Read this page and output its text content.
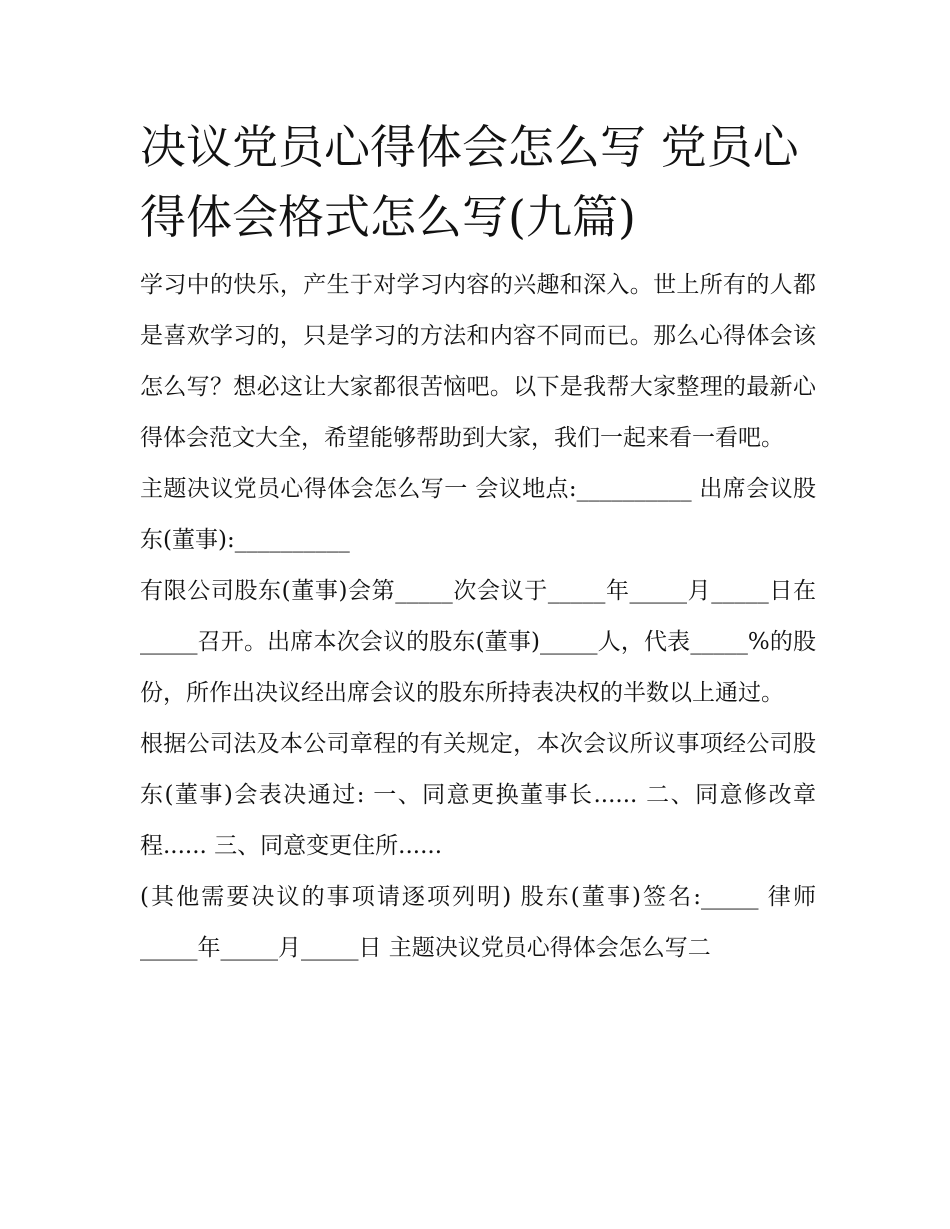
决议党员心得体会怎么写 党员心得体会格式怎么写(九篇)

学习中的快乐，产生于对学习内容的兴趣和深入。世上所有的人都是喜欢学习的，只是学习的方法和内容不同而已。那么心得体会该怎么写？想必这让大家都很苦恼吧。以下是我帮大家整理的最新心得体会范文大全，希望能够帮助到大家，我们一起来看一看吧。

主题决议党员心得体会怎么写一 会议地点:__________ 出席会议股东(董事):__________

有限公司股东(董事)会第_____次会议于_____年_____月_____日在_____召开。出席本次会议的股东(董事)_____人，代表_____%的股份，所作出决议经出席会议的股东所持表决权的半数以上通过。

根据公司法及本公司章程的有关规定，本次会议所议事项经公司股东(董事)会表决通过: 一、同意更换董事长...... 二、同意修改章程...... 三、同意变更住所......

(其他需要决议的事项请逐项列明) 股东(董事)签名:_____ 律师_____年_____月_____日 主题决议党员心得体会怎么写二
